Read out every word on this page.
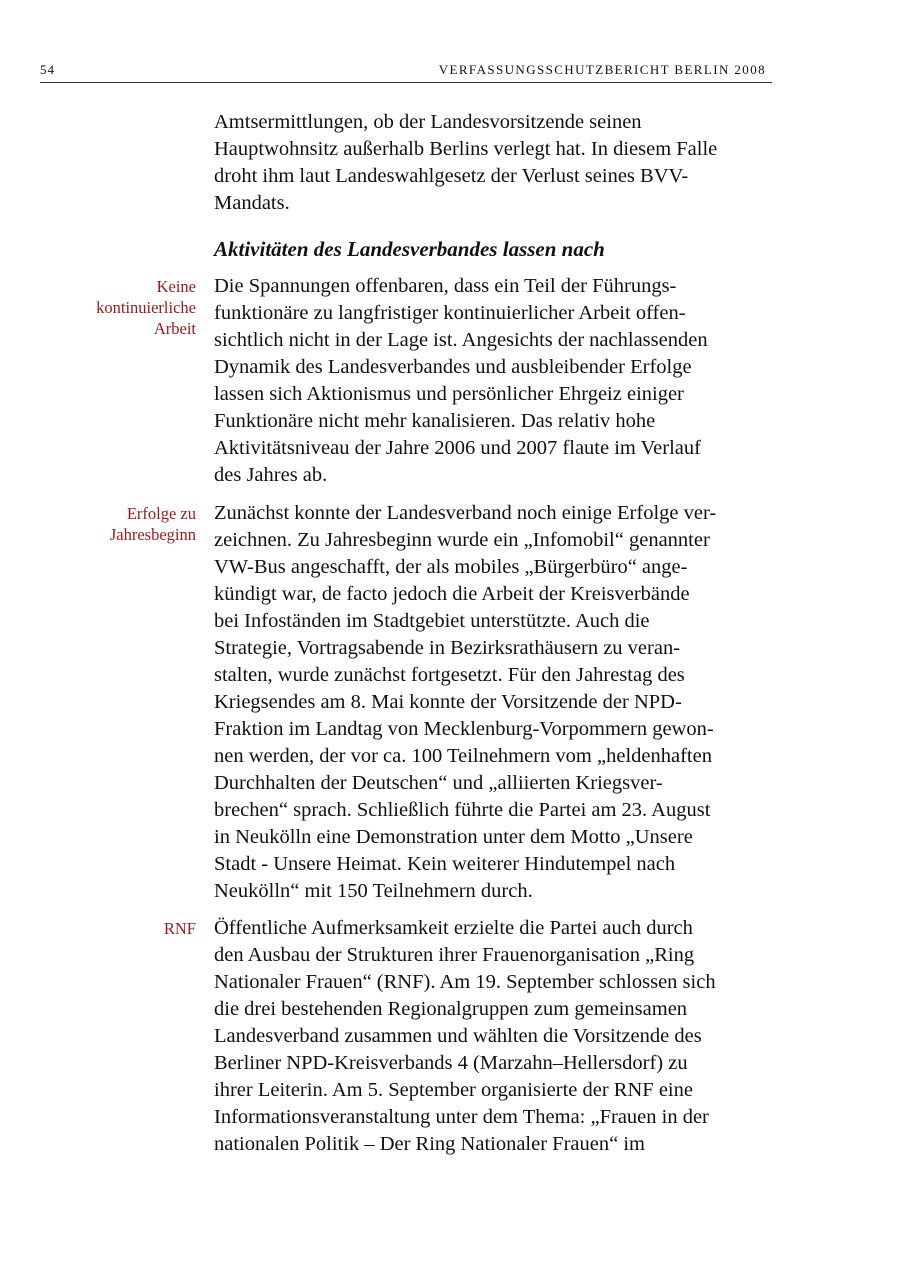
54	VERFASSUNGSSCHUTZBERICHT BERLIN 2008

Amtsermittlungen, ob der Landesvorsitzende seinen

Hauptwohnsitz außerhalb Berlins verlegt hat. In diesem Falle

droht ihm laut Landeswahlgesetz der Verlust seines BVV-

Mandats.

Aktivitäten des Landesverbandes lassen nach
Keine
kontinuierliche
Arbeit

Die Spannungen offenbaren, dass ein Teil der Führungs-

funktionäre zu langfristiger kontinuierlicher Arbeit offen-

sichtlich nicht in der Lage ist. Angesichts der nachlassenden

Dynamik des Landesverbandes und ausbleibender Erfolge

lassen sich Aktionismus und persönlicher Ehrgeiz einiger

Funktionäre nicht mehr kanalisieren. Das relativ hohe

Aktivitätsniveau der Jahre 2006 und 2007 flaute im Verlauf

des Jahres ab.

Erfolge zu
Jahresbeginn

Zunächst konnte der Landesverband noch einige Erfolge ver-

zeichnen. Zu Jahresbeginn wurde ein „Infomobil“ genannter

VW-Bus angeschafft, der als mobiles „Bürgerbüro“ ange-

kündigt war, de facto jedoch die Arbeit der Kreisverbände

bei Infoständen im Stadtgebiet unterstützte. Auch die

Strategie, Vortragsabende in Bezirksrathäusern zu veran-

stalten, wurde zunächst fortgesetzt. Für den Jahrestag des

Kriegsendes am 8. Mai konnte der Vorsitzende der NPD-

Fraktion im Landtag von Mecklenburg-Vorpommern gewon-

nen werden, der vor ca. 100 Teilnehmern vom „heldenhaften

Durchhalten der Deutschen“ und „alliierten Kriegsver-

brechen“ sprach. Schließlich führte die Partei am 23. August

in Neukölln eine Demonstration unter dem Motto „Unsere

Stadt - Unsere Heimat. Kein weiterer Hindutempel nach

Neukölln“ mit 150 Teilnehmern durch.

RNF Öffentliche Aufmerksamkeit erzielte die Partei auch durch

den Ausbau der Strukturen ihrer Frauenorganisation „Ring

Nationaler Frauen“ (RNF). Am 19. September schlossen sich

die drei bestehenden Regionalgruppen zum gemeinsamen

Landesverband zusammen und wählten die Vorsitzende des

Berliner NPD-Kreisverbands 4 (Marzahn–Hellersdorf) zu

ihrer Leiterin. Am 5. September organisierte der RNF eine

Informationsveranstaltung unter dem Thema: „Frauen in der

nationalen Politik – Der Ring Nationaler Frauen“ im
